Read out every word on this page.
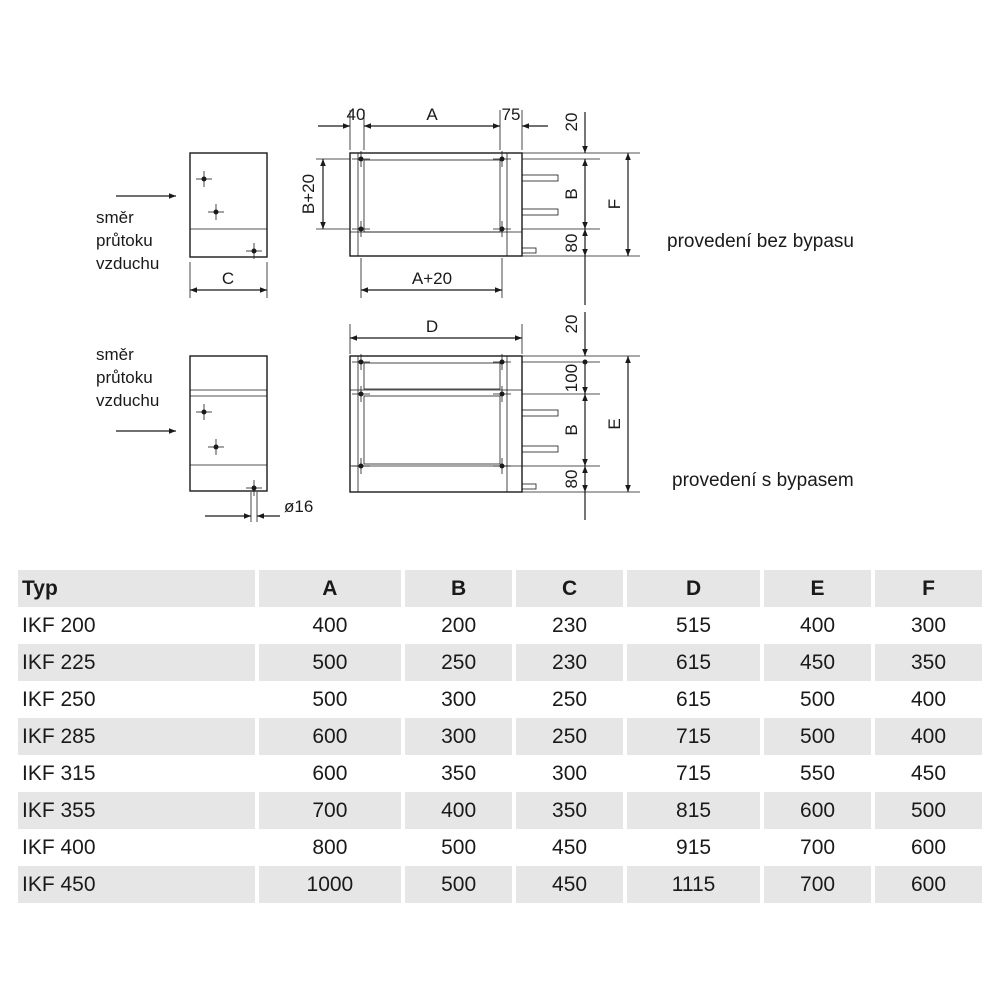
C
směr průtoku vzduchu
40	A	75
B+20
A+20
20
B
80
F
provedení bez bypasu
ø16
směr průtoku vzduchu
D	20
100
B
80
E
provedení s bypasem
Typ	A	B	C	D	E	F
IKF 200	400	200	230	515	400	300
IKF 225	500	250	230	615	450	350
IKF 250	500	300	250	615	500	400
IKF 285	600	300	250	715	500	400
IKF 315	600	350	300	715	550	450
IKF 355	700	400	350	815	600	500
IKF 400	800	500	450	915	700	600
IKF 450	1000	500	450	1115	700	600
